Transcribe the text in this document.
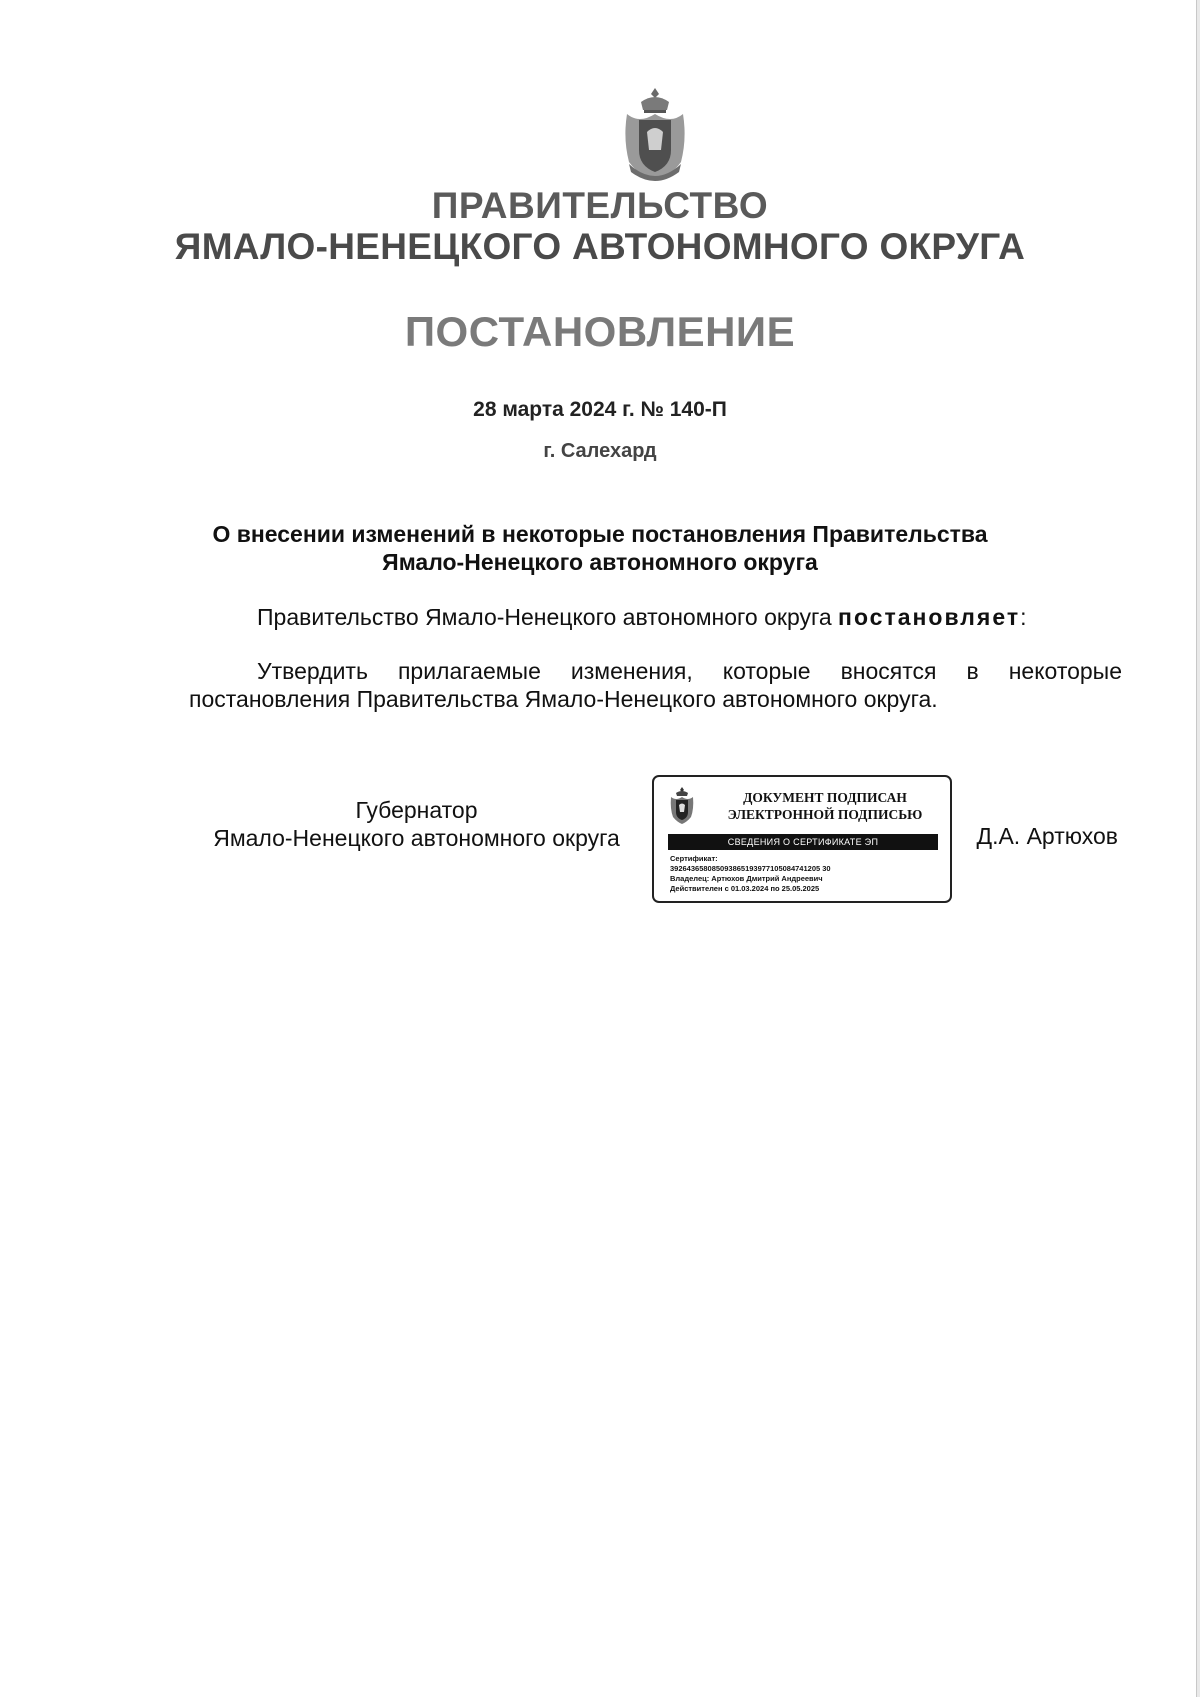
ПРАВИТЕЛЬСТВО
ЯМАЛО-НЕНЕЦКОГО АВТОНОМНОГО ОКРУГА
ПОСТАНОВЛЕНИЕ
28 марта 2024 г. № 140-П
г. Салехард
О внесении изменений в некоторые постановления Правительства
Ямало-Ненецкого автономного округа
Правительство Ямало-Ненецкого автономного округа постановляет:
Утвердить прилагаемые изменения, которые вносятся в некоторые постановления Правительства Ямало-Ненецкого автономного округа.
Губернатор
Ямало-Ненецкого автономного округа
ДОКУМЕНТ ПОДПИСАН
ЭЛЕКТРОННОЙ ПОДПИСЬЮ
СВЕДЕНИЯ О СЕРТИФИКАТЕ ЭП
Сертификат:
392643658085093865193977105084741205 30
Владелец: Артюхов Дмитрий Андреевич
Действителен с 01.03.2024 по 25.05.2025
Д.А. Артюхов
